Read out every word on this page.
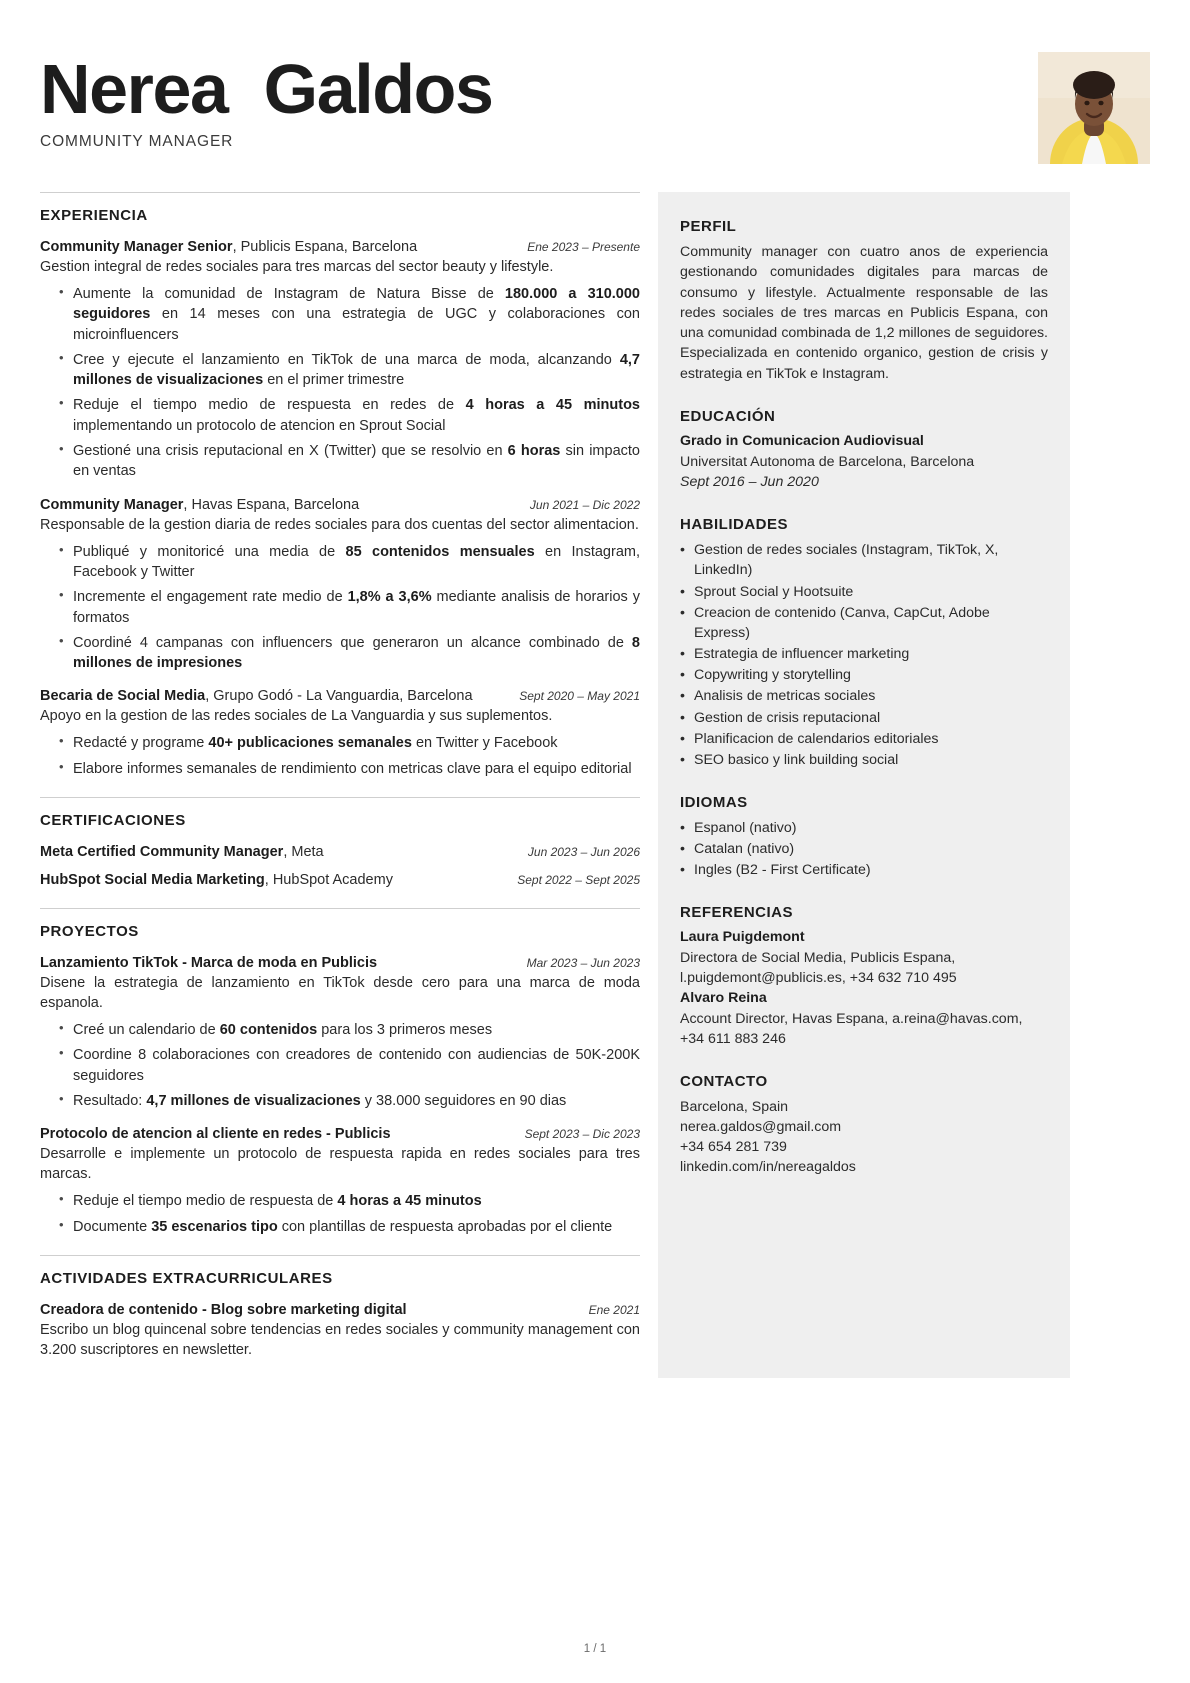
Nerea  Galdos
COMMUNITY MANAGER
EXPERIENCIA
Community Manager Senior, Publicis Espana, Barcelona	Ene 2023 – Presente
Gestion integral de redes sociales para tres marcas del sector beauty y lifestyle.
• Aumente la comunidad de Instagram de Natura Bisse de 180.000 a 310.000 seguidores en 14 meses con una estrategia de UGC y colaboraciones con microinfluencers
• Cree y ejecute el lanzamiento en TikTok de una marca de moda, alcanzando 4,7 millones de visualizaciones en el primer trimestre
• Reduje el tiempo medio de respuesta en redes de 4 horas a 45 minutos implementando un protocolo de atencion en Sprout Social
• Gestioné una crisis reputacional en X (Twitter) que se resolvio en 6 horas sin impacto en ventas
Community Manager, Havas Espana, Barcelona	Jun 2021 – Dic 2022
Responsable de la gestion diaria de redes sociales para dos cuentas del sector alimentacion.
• Publiqué y monitoricé una media de 85 contenidos mensuales en Instagram, Facebook y Twitter
• Incremente el engagement rate medio de 1,8% a 3,6% mediante analisis de horarios y formatos
• Coordiné 4 campanas con influencers que generaron un alcance combinado de 8 millones de impresiones
Becaria de Social Media, Grupo Godó - La Vanguardia, Barcelona	Sept 2020 – May 2021
Apoyo en la gestion de las redes sociales de La Vanguardia y sus suplementos.
• Redacté y programe 40+ publicaciones semanales en Twitter y Facebook
• Elabore informes semanales de rendimiento con metricas clave para el equipo editorial
CERTIFICACIONES
Meta Certified Community Manager, Meta	Jun 2023 – Jun 2026
HubSpot Social Media Marketing, HubSpot Academy	Sept 2022 – Sept 2025
PROYECTOS
Lanzamiento TikTok - Marca de moda en Publicis	Mar 2023 – Jun 2023
Disene la estrategia de lanzamiento en TikTok desde cero para una marca de moda espanola.
• Creé un calendario de 60 contenidos para los 3 primeros meses
• Coordine 8 colaboraciones con creadores de contenido con audiencias de 50K-200K seguidores
• Resultado: 4,7 millones de visualizaciones y 38.000 seguidores en 90 dias
Protocolo de atencion al cliente en redes - Publicis	Sept 2023 – Dic 2023
Desarrolle e implemente un protocolo de respuesta rapida en redes sociales para tres marcas.
• Reduje el tiempo medio de respuesta de 4 horas a 45 minutos
• Documente 35 escenarios tipo con plantillas de respuesta aprobadas por el cliente
ACTIVIDADES EXTRACURRICULARES
Creadora de contenido - Blog sobre marketing digital	Ene 2021
Escribo un blog quincenal sobre tendencias en redes sociales y community management con 3.200 suscriptores en newsletter.
PERFIL
Community manager con cuatro anos de experiencia gestionando comunidades digitales para marcas de consumo y lifestyle. Actualmente responsable de las redes sociales de tres marcas en Publicis Espana, con una comunidad combinada de 1,2 millones de seguidores. Especializada en contenido organico, gestion de crisis y estrategia en TikTok e Instagram.
EDUCACIÓN
Grado in Comunicacion Audiovisual
Universitat Autonoma de Barcelona, Barcelona
Sept 2016 – Jun 2020
HABILIDADES
• Gestion de redes sociales (Instagram, TikTok, X, LinkedIn)
• Sprout Social y Hootsuite
• Creacion de contenido (Canva, CapCut, Adobe Express)
• Estrategia de influencer marketing
• Copywriting y storytelling
• Analisis de metricas sociales
• Gestion de crisis reputacional
• Planificacion de calendarios editoriales
• SEO basico y link building social
IDIOMAS
• Espanol (nativo)
• Catalan (nativo)
• Ingles (B2 - First Certificate)
REFERENCIAS
Laura Puigdemont
Directora de Social Media, Publicis Espana, l.puigdemont@publicis.es, +34 632 710 495
Alvaro Reina
Account Director, Havas Espana, a.reina@havas.com, +34 611 883 246
CONTACTO
Barcelona, Spain
nerea.galdos@gmail.com
+34 654 281 739
linkedin.com/in/nereagaldos
1 / 1
